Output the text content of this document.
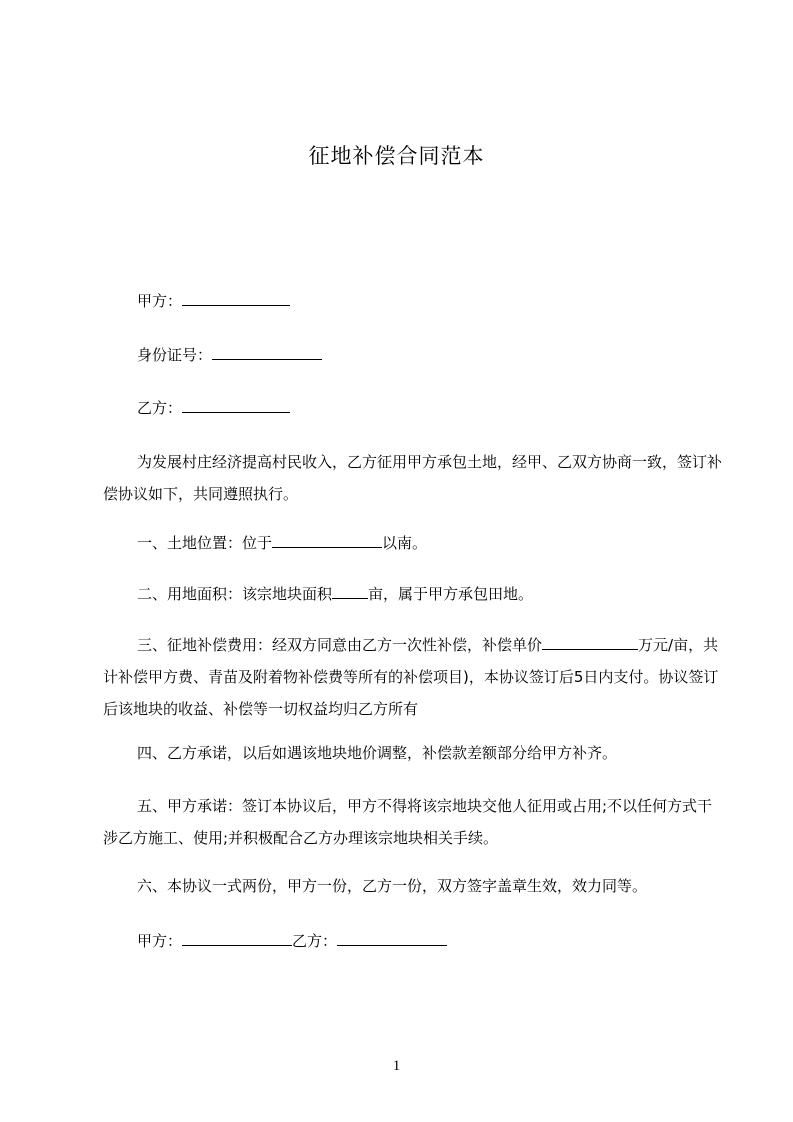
征地补偿合同范本
甲方：
身份证号：
乙方：
为发展村庄经济提高村民收入，乙方征用甲方承包土地，经甲、乙双方协商一致，签订补偿协议如下，共同遵照执行。
一、土地位置：位于	以南。
二、用地面积：该宗地块面积 亩，属于甲方承包田地。
三、征地补偿费用：经双方同意由乙方一次性补偿，补偿单价	万元/亩，共计补偿甲方费、青苗及附着物补偿费等所有的补偿项目)，本协议签订后5日内支付。协议签订后该地块的收益、补偿等一切权益均归乙方所有
四、乙方承诺，以后如遇该地块地价调整，补偿款差额部分给甲方补齐。
五、甲方承诺：签订本协议后，甲方不得将该宗地块交他人征用或占用;不以任何方式干涉乙方施工、使用;并积极配合乙方办理该宗地块相关手续。
六、本协议一式两份，甲方一份，乙方一份，双方签字盖章生效，效力同等。
甲方：	乙方：
1
